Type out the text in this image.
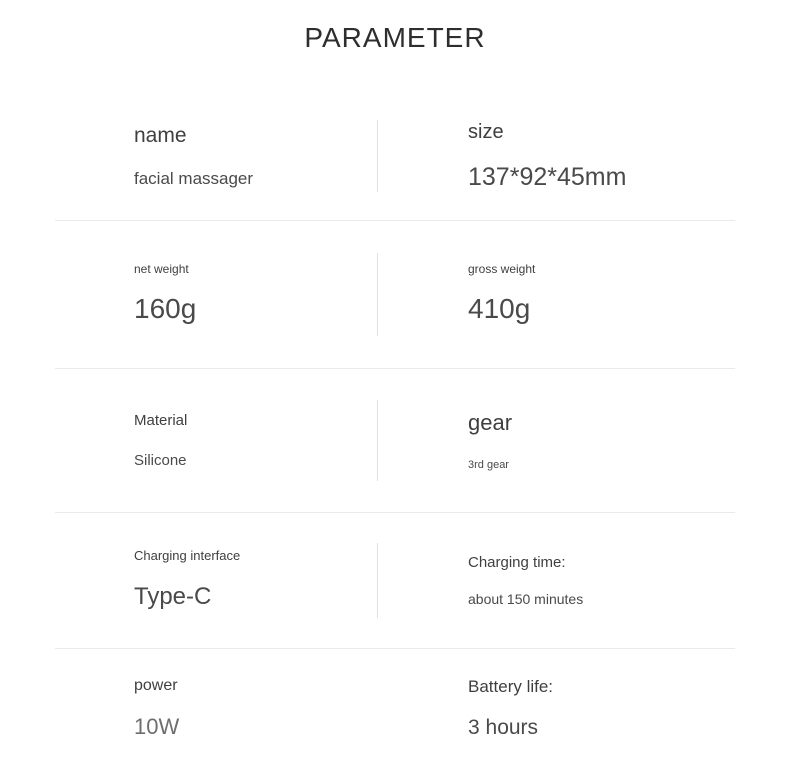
PARAMETER
name
facial massager
size
137*92*45mm
net weight
160g
gross weight
410g
Material
Silicone
gear
3rd gear
Charging interface
Type-C
Charging time:
about 150 minutes
power
10W
Battery life:
3 hours
